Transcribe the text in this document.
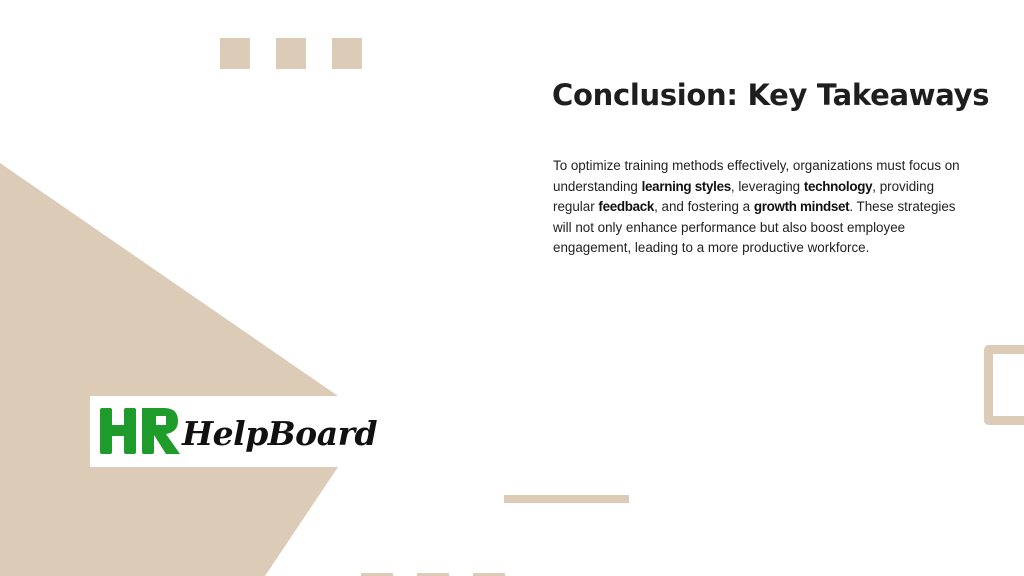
Conclusion: Key Takeaways

To optimize training methods effectively, organizations must focus on understanding learning styles, leveraging technology, providing regular feedback, and fostering a growth mindset. These strategies will not only enhance performance but also boost employee engagement, leading to a more productive workforce.

HelpBoard
